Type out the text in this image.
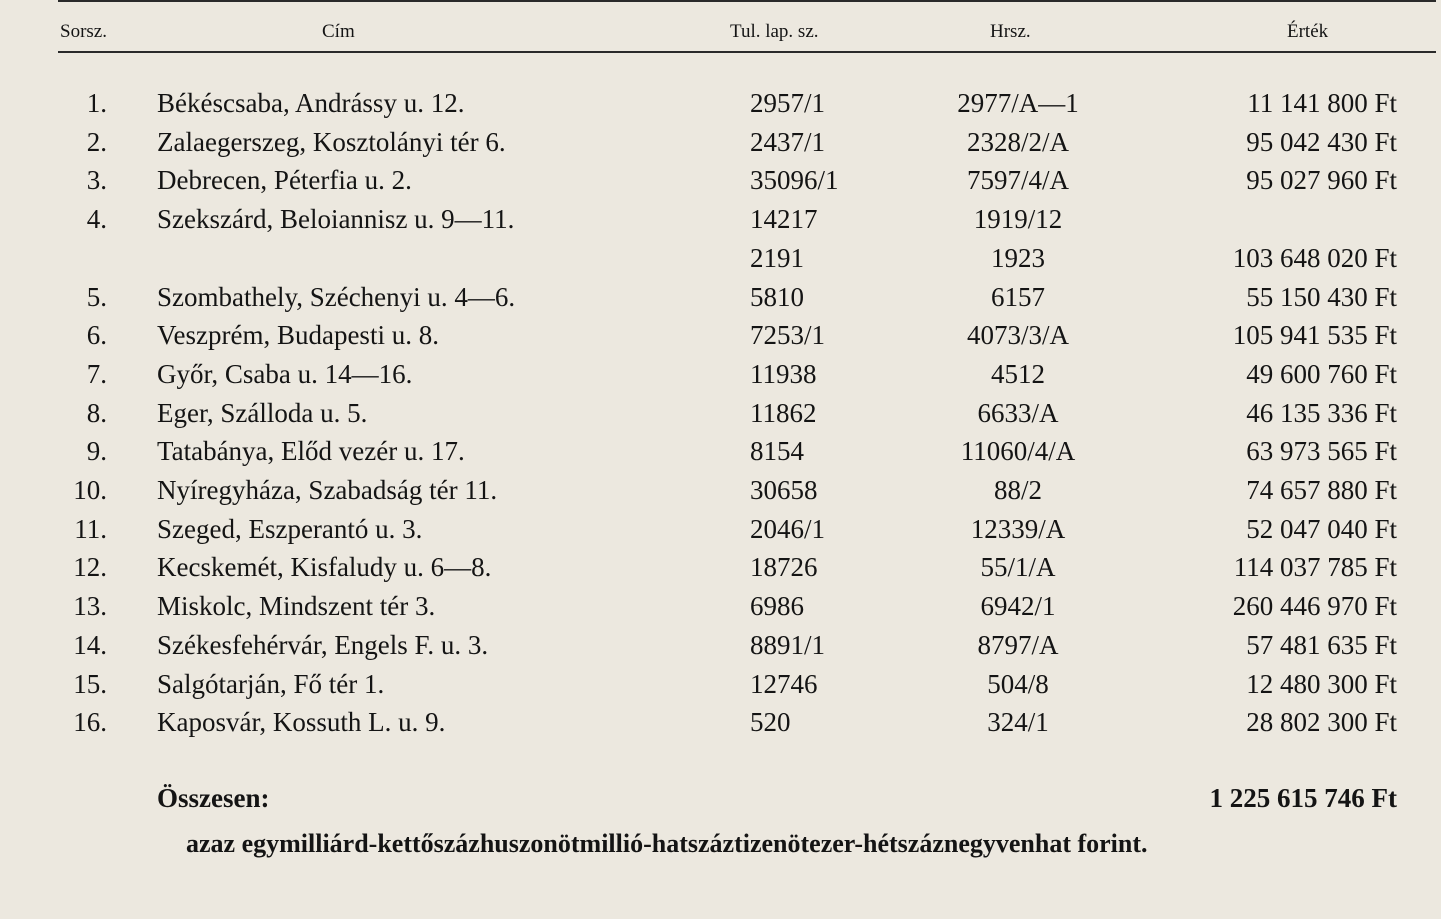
Sorsz.	Cím	Tul. lap. sz.	Hrsz.	Érték
1. Békéscsaba, Andrássy u. 12.	2957/1	2977/A—1	11 141 800 Ft
2. Zalaegerszeg, Kosztolányi tér 6.	2437/1	2328/2/A	95 042 430 Ft
3. Debrecen, Péterfia u. 2.	35096/1	7597/4/A	95 027 960 Ft
4. Szekszárd, Beloiannisz u. 9—11.	14217	1919/12
2191	1923	103 648 020 Ft
5. Szombathely, Széchenyi u. 4—6.	5810	6157	55 150 430 Ft
6. Veszprém, Budapesti u. 8.	7253/1	4073/3/A	105 941 535 Ft
7. Győr, Csaba u. 14—16.	11938	4512	49 600 760 Ft
8. Eger, Szálloda u. 5.	11862	6633/A	46 135 336 Ft
9. Tatabánya, Előd vezér u. 17.	8154	11060/4/A	63 973 565 Ft
10. Nyíregyháza, Szabadság tér 11.	30658	88/2	74 657 880 Ft
11. Szeged, Eszperantó u. 3.	2046/1	12339/A	52 047 040 Ft
12. Kecskemét, Kisfaludy u. 6—8.	18726	55/1/A	114 037 785 Ft
13. Miskolc, Mindszent tér 3.	6986	6942/1	260 446 970 Ft
14. Székesfehérvár, Engels F. u. 3.	8891/1	8797/A	57 481 635 Ft
15. Salgótarján, Fő tér 1.	12746	504/8	12 480 300 Ft
16. Kaposvár, Kossuth L. u. 9.	520	324/1	28 802 300 Ft
Összesen:	1 225 615 746 Ft
azaz egymilliárd-kettőszázhuszonötmillió-hatszáztizenötezer-hétszáznegyvenhat forint.
